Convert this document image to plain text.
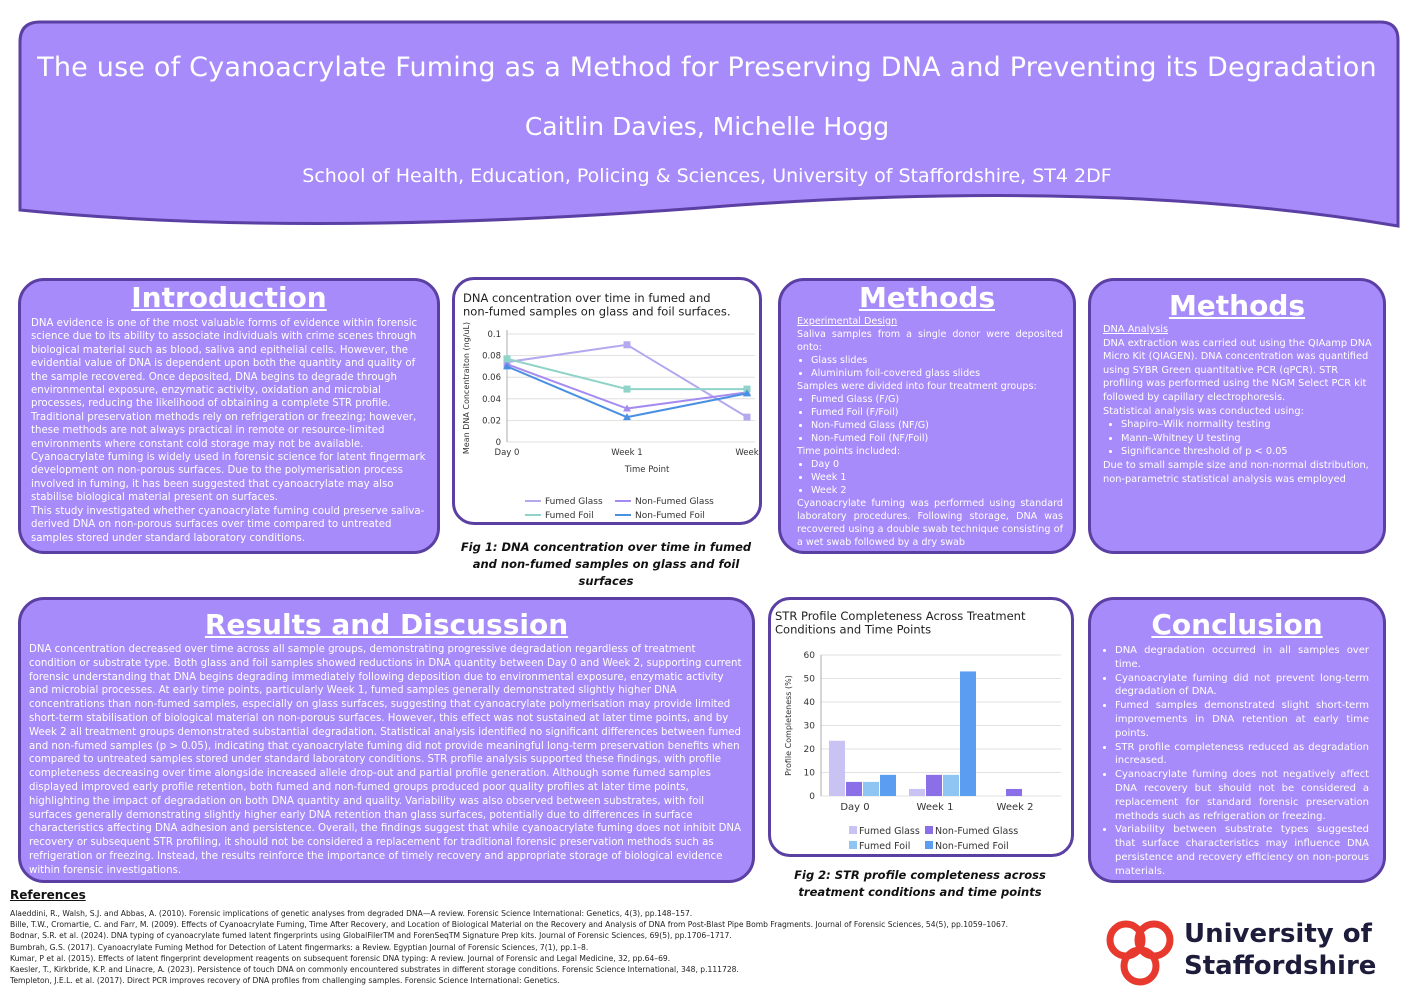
The use of Cyanoacrylate Fuming as a Method for Preserving DNA and Preventing its Degradation
Caitlin Davies, Michelle Hogg
School of Health, Education, Policing & Sciences, University of Staffordshire, ST4 2DF
Introduction

DNA evidence is one of the most valuable forms of evidence within forensic science due to its ability to associate individuals with crime scenes through biological material such as blood, saliva and epithelial cells. However, the evidential value of DNA is dependent upon both the quantity and quality of the sample recovered. Once deposited, DNA begins to degrade through environmental exposure, enzymatic activity, oxidation and microbial processes, reducing the likelihood of obtaining a complete STR profile.

Traditional preservation methods rely on refrigeration or freezing; however, these methods are not always practical in remote or resource-limited environments where constant cold storage may not be available. Cyanoacrylate fuming is widely used in forensic science for latent fingermark development on non-porous surfaces. Due to the polymerisation process involved in fuming, it has been suggested that cyanoacrylate may also stabilise biological material present on surfaces.

This study investigated whether cyanoacrylate fuming could preserve saliva-derived DNA on non-porous surfaces over time compared to untreated samples stored under standard laboratory conditions.

DNA concentration over time in fumed and non-fumed samples on glass and foil surfaces.
0
0.02
0.04
0.06
0.08
0.1
Day 0	Week 1	Week
Time Point
Mean DNA Concentraiton (ng/uL)
Fumed Glass	Non-Fumed Glass
Fumed Foil	Non-Fumed Foil
Fig 1: DNA concentration over time in fumed and non-fumed samples on glass and foil surfaces
Methods

Experimental Design

Saliva samples from a single donor were deposited onto:

• Glass slides
• Aluminium foil-covered glass slides

Samples were divided into four treatment groups:

• Fumed Glass (F/G)
• Fumed Foil (F/Foil)
• Non-Fumed Glass (NF/G)
• Non-Fumed Foil (NF/Foil)

Time points included:

• Day 0
• Week 1
• Week 2

Cyanoacrylate fuming was performed using standard laboratory procedures. Following storage, DNA was recovered using a double swab technique consisting of a wet swab followed by a dry swab

Methods

DNA Analysis

DNA extraction was carried out using the QIAamp DNA Micro Kit (QIAGEN). DNA concentration was quantified using SYBR Green quantitative PCR (qPCR). STR profiling was performed using the NGM Select PCR kit followed by capillary electrophoresis.

Statistical analysis was conducted using:

• Shapiro–Wilk normality testing
• Mann–Whitney U testing
• Significance threshold of p < 0.05

Due to small sample size and non-normal distribution, non-parametric statistical analysis was employed

Results and Discussion
DNA concentration decreased over time across all sample groups, demonstrating progressive degradation regardless of treatment condition or substrate type. Both glass and foil samples showed reductions in DNA quantity between Day 0 and Week 2, supporting current forensic understanding that DNA begins degrading immediately following deposition due to environmental exposure, enzymatic activity and microbial processes. At early time points, particularly Week 1, fumed samples generally demonstrated slightly higher DNA concentrations than non-fumed samples, especially on glass surfaces, suggesting that cyanoacrylate polymerisation may provide limited short-term stabilisation of biological material on non-porous surfaces. However, this effect was not sustained at later time points, and by Week 2 all treatment groups demonstrated substantial degradation. Statistical analysis identified no significant differences between fumed and non-fumed samples (p > 0.05), indicating that cyanoacrylate fuming did not provide meaningful long-term preservation benefits when compared to untreated samples stored under standard laboratory conditions. STR profile analysis supported these findings, with profile completeness decreasing over time alongside increased allele drop-out and partial profile generation. Although some fumed samples displayed improved early profile retention, both fumed and non-fumed groups produced poor quality profiles at later time points, highlighting the impact of degradation on both DNA quantity and quality. Variability was also observed between substrates, with foil surfaces generally demonstrating slightly higher early DNA retention than glass surfaces, potentially due to differences in surface characteristics affecting DNA adhesion and persistence. Overall, the findings suggest that while cyanoacrylate fuming does not inhibit DNA recovery or subsequent STR profiling, it should not be considered a replacement for traditional forensic preservation methods such as refrigeration or freezing. Instead, the results reinforce the importance of timely recovery and appropriate storage of biological evidence within forensic investigations.
STR Profile Completeness Across Treatment Conditions and Time Points
0
10
20
30
40
50
60
Profile Completeness (%)
Day 0	Week 1	Week 2
Fumed Glass Non-Fumed Glass
Fumed Foil	Non-Fumed Foil
Fig 2: STR profile completeness across treatment conditions and time points
Conclusion
• DNA degradation occurred in all samples over time.
• Cyanoacrylate fuming did not prevent long-term degradation of DNA.
• Fumed samples demonstrated slight short-term improvements in DNA retention at early time points.
• STR profile completeness reduced as degradation increased.
• Cyanoacrylate fuming does not negatively affect DNA recovery but should not be considered a replacement for standard forensic preservation methods such as refrigeration or freezing.
• Variability between substrate types suggested that surface characteristics may influence DNA persistence and recovery efficiency on non-porous materials.
•
References
Alaeddini, R., Walsh, S.J. and Abbas, A. (2010). Forensic implications of genetic analyses from degraded DNA—A review. Forensic Science International: Genetics, 4(3), pp.148–157.
Bille, T.W., Cromartie, C. and Farr, M. (2009). Effects of Cyanoacrylate Fuming, Time After Recovery, and Location of Biological Material on the Recovery and Analysis of DNA from Post-Blast Pipe Bomb Fragments. Journal of Forensic Sciences, 54(5), pp.1059–1067.
Bodnar, S.R. et al. (2024). DNA typing of cyanoacrylate fumed latent fingerprints using GlobalFilerTM and ForenSeqTM Signature Prep kits. Journal of Forensic Sciences, 69(5), pp.1706–1717.
Bumbrah, G.S. (2017). Cyanoacrylate Fuming Method for Detection of Latent fingermarks: a Review. Egyptian Journal of Forensic Sciences, 7(1), pp.1–8.
Kumar, P et al. (2015). Effects of latent fingerprint development reagents on subsequent forensic DNA typing: A review. Journal of Forensic and Legal Medicine, 32, pp.64–69.
Kaesler, T., Kirkbride, K.P. and Linacre, A. (2023). Persistence of touch DNA on commonly encountered substrates in different storage conditions. Forensic Science International, 348, p.111728.
Templeton, J.E.L. et al. (2017). Direct PCR improves recovery of DNA profiles from challenging samples. Forensic Science International: Genetics.
University of
Staffordshire
